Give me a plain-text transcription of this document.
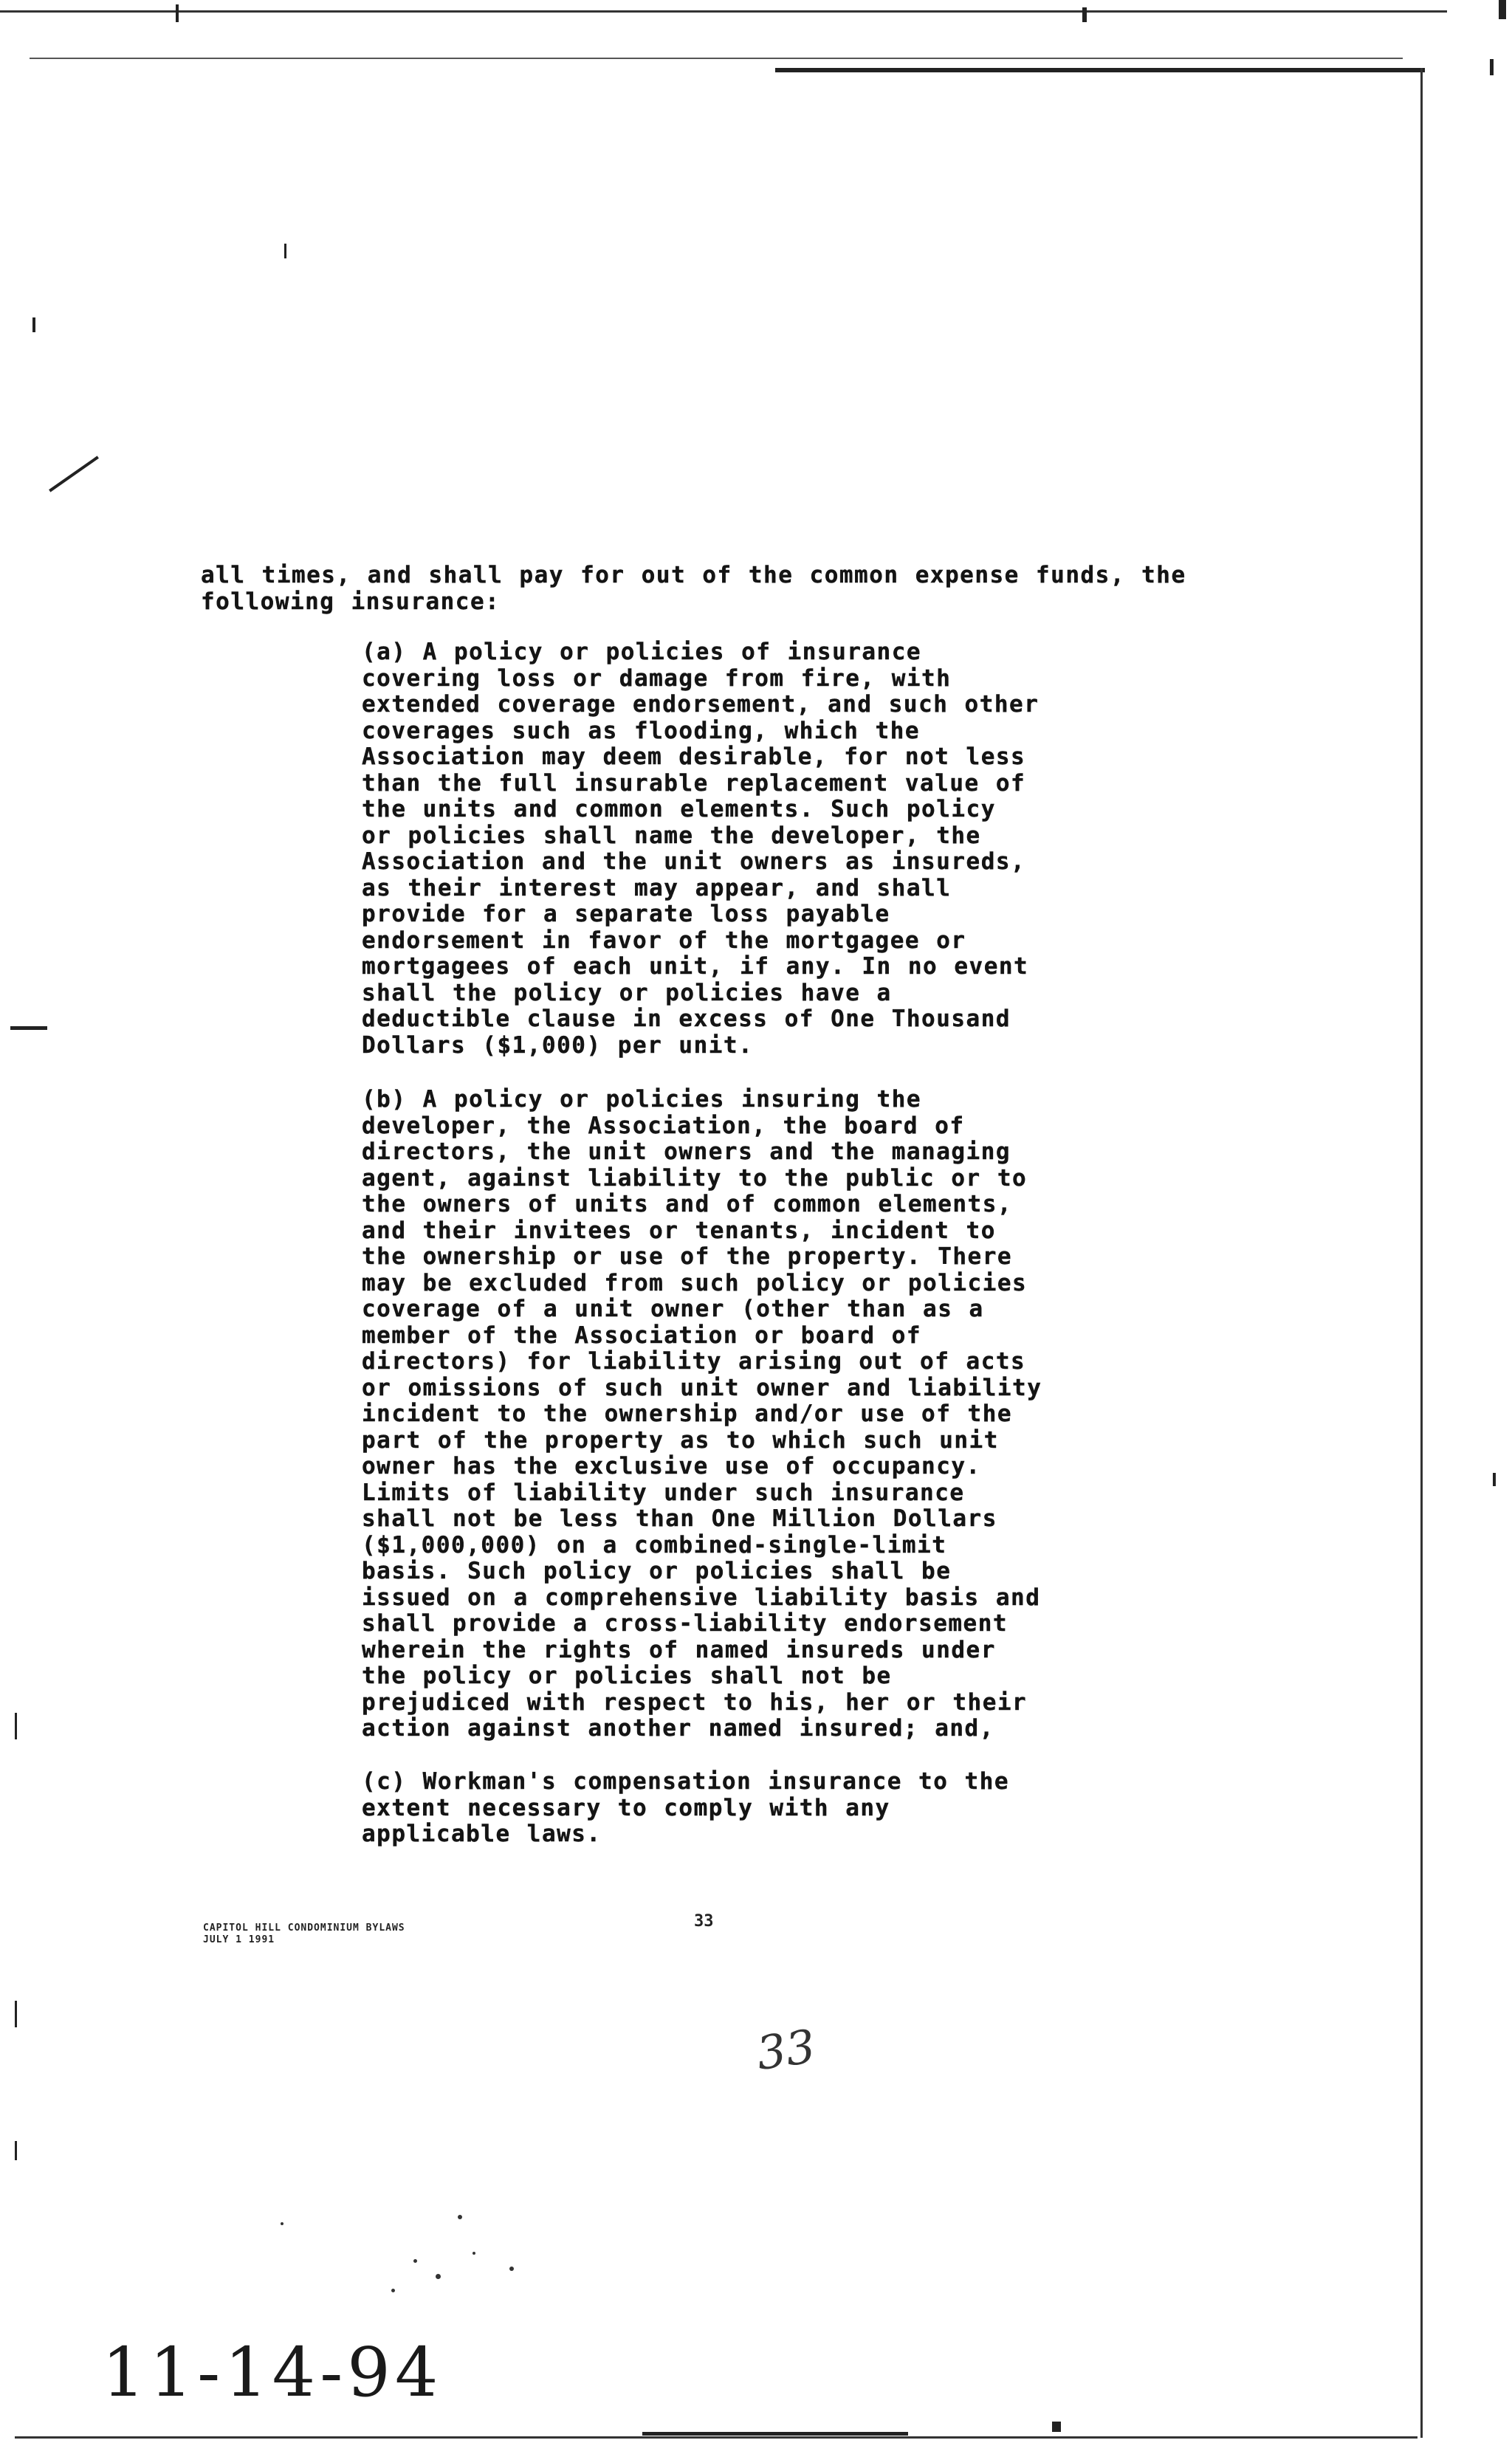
all times, and shall pay for out of the common expense funds, the
following insurance:
(a) A policy or policies of insurance
covering loss or damage from fire, with
extended coverage endorsement, and such other
coverages such as flooding, which the
Association may deem desirable, for not less
than the full insurable replacement value of
the units and common elements. Such policy
or policies shall name the developer, the
Association and the unit owners as insureds,
as their interest may appear, and shall
provide for a separate loss payable
endorsement in favor of the mortgagee or
mortgagees of each unit, if any. In no event
shall the policy or policies have a
deductible clause in excess of One Thousand
Dollars ($1,000) per unit.
(b) A policy or policies insuring the
developer, the Association, the board of
directors, the unit owners and the managing
agent, against liability to the public or to
the owners of units and of common elements,
and their invitees or tenants, incident to
the ownership or use of the property. There
may be excluded from such policy or policies
coverage of a unit owner (other than as a
member of the Association or board of
directors) for liability arising out of acts
or omissions of such unit owner and liability
incident to the ownership and/or use of the
part of the property as to which such unit
owner has the exclusive use of occupancy.
Limits of liability under such insurance
shall not be less than One Million Dollars
($1,000,000) on a combined-single-limit
basis. Such policy or policies shall be
issued on a comprehensive liability basis and
shall provide a cross-liability endorsement
wherein the rights of named insureds under
the policy or policies shall not be
prejudiced with respect to his, her or their
action against another named insured; and,
(c) Workman's compensation insurance to the
extent necessary to comply with any
applicable laws.
CAPITOL HILL CONDOMINIUM BYLAWS
JULY 1 1991
33
33
11-14-94
